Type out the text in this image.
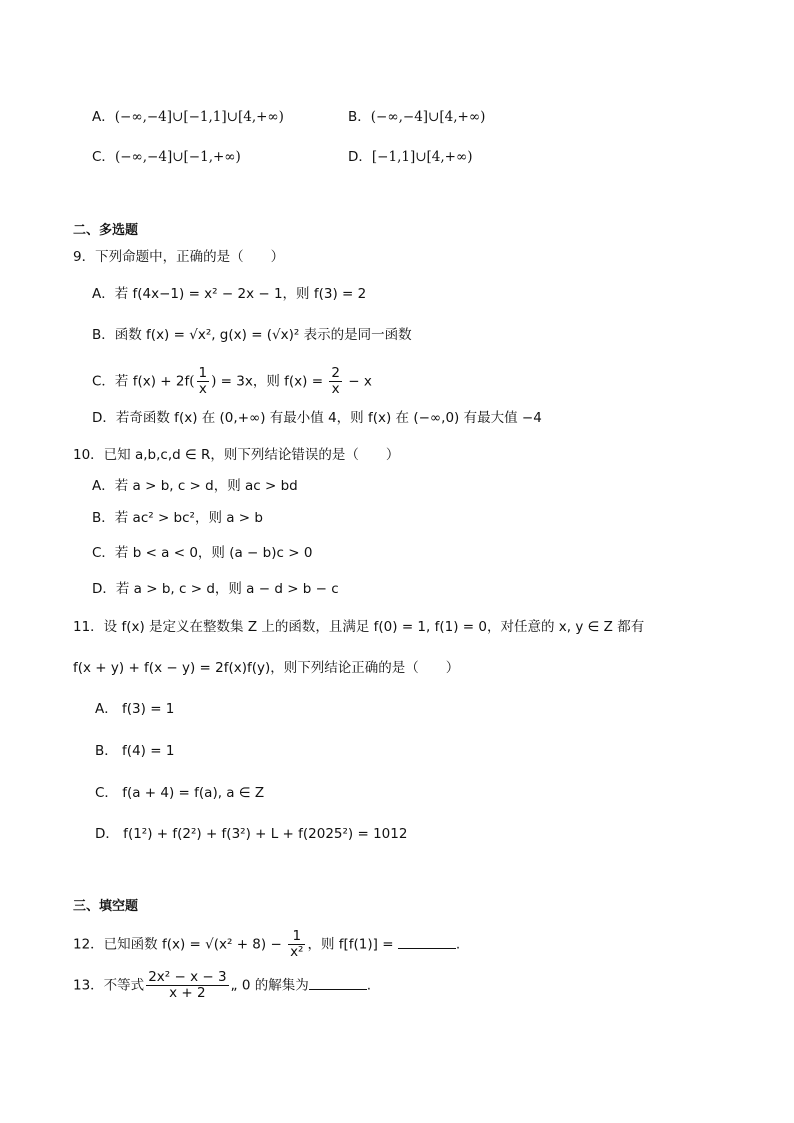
A．(−∞,−4]∪[−1,1]∪[4,+∞)	B．(−∞,−4]∪[4,+∞)
C．(−∞,−4]∪[−1,+∞)	D．[−1,1]∪[4,+∞)
二、多选题
9．下列命题中，正确的是（　　）
A．若 f(4x−1) = x² − 2x − 1，则 f(3) = 2
B．函数 f(x) = √x², g(x) = (√x)² 表示的是同一函数
C．若 $f(x) + 2f( \frac{1}{x}$ ) = 3x，则 $f(x) = \frac{2}{x} - x$
D．若奇函数 f(x) 在 (0,+∞) 有最小值 4，则 f(x) 在 (−∞,0) 有最大值 −4
10．已知 a,b,c,d ∈ R，则下列结论错误的是（　　）
A．若 a > b, c > d，则 ac > bd
B．若 ac² > bc²，则 a > b
C．若 b < a < 0，则 (a − b)c > 0
D．若 a > b, c > d，则 a − d > b − c
11．设 f(x) 是定义在整数集 Z 上的函数，且满足 f(0) = 1, f(1) = 0，对任意的 x, y ∈ Z 都有
f(x + y) + f(x − y) = 2f(x)f(y)，则下列结论正确的是（　　）
A． f(3) = 1
B． f(4) = 1
C． f(a + 4) = f(a), a ∈ Z
D． f(1²) + f(2²) + f(3²) + L + f(2025²) = 1012
三、填空题
12．已知函数 $f(x) = √(x^2 + 8) - \frac{1}{\text{x²}}$ ，则 f[f(1)] =	.
13．不等式 $\frac{\text{2x² − x − 3}}{x + 2}$ „ 0 的解集为	.
